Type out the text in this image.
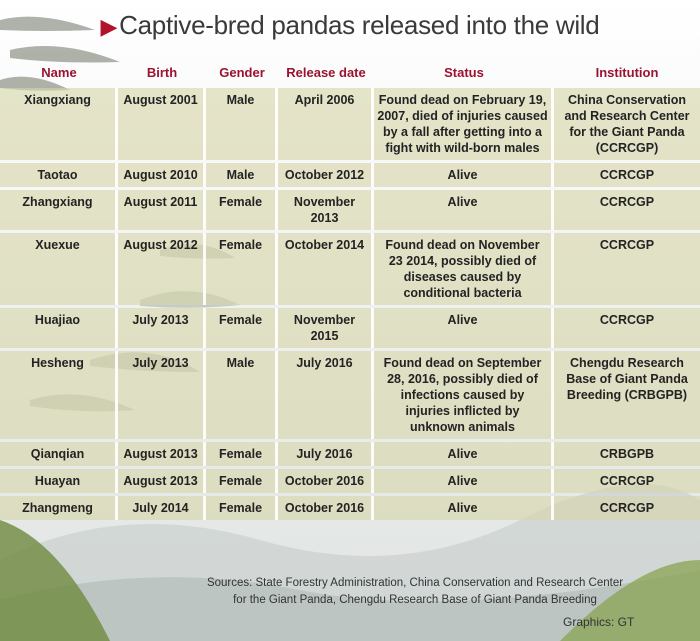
▶Captive-bred pandas released into the wild
Name	Birth	Gender	Release date	Status	Institution
Xiangxiang	August 2001	Male	April 2006	Found dead on February 19, 2007, died of injuries caused by a fall after getting into a fight with wild-born males	China Conservation and Research Center for the Giant Panda (CCRCGP)
Taotao	August 2010	Male	October 2012	Alive	CCRCGP
Zhangxiang	August 2011	Female	November 2013	Alive	CCRCGP
Xuexue	August 2012	Female	October 2014	Found dead on November 23 2014, possibly died of diseases caused by conditional bacteria	CCRCGP
Huajiao	July 2013	Female	November 2015	Alive	CCRCGP
Hesheng	July 2013	Male	July 2016	Found dead on September 28, 2016, possibly died of infections caused by injuries inflicted by unknown animals	Chengdu Research Base of Giant Panda Breeding (CRBGPB)
Qianqian	August 2013	Female	July 2016	Alive	CRBGPB
Huayan	August 2013	Female	October 2016	Alive	CCRCGP
Zhangmeng	July 2014	Female	October 2016	Alive	CCRCGP
Sources: State Forestry Administration, China Conservation and Research Center for the Giant Panda, Chengdu Research Base of Giant Panda Breeding
Graphics: GT
